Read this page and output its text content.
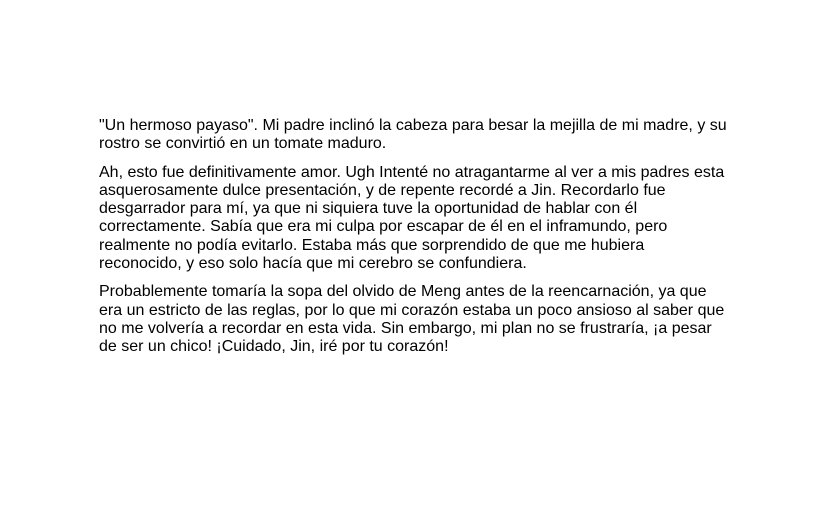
"Un hermoso payaso". Mi padre inclinó la cabeza para besar la mejilla de mi madre, y su
rostro se convirtió en un tomate maduro.

Ah, esto fue definitivamente amor. Ugh Intenté no atragantarme al ver a mis padres esta
asquerosamente dulce presentación, y de repente recordé a Jin. Recordarlo fue
desgarrador para mí, ya que ni siquiera tuve la oportunidad de hablar con él
correctamente. Sabía que era mi culpa por escapar de él en el inframundo, pero
realmente no podía evitarlo. Estaba más que sorprendido de que me hubiera
reconocido, y eso solo hacía que mi cerebro se confundiera.

Probablemente tomaría la sopa del olvido de Meng antes de la reencarnación, ya que
era un estricto de las reglas, por lo que mi corazón estaba un poco ansioso al saber que
no me volvería a recordar en esta vida. Sin embargo, mi plan no se frustraría, ¡a pesar
de ser un chico! ¡Cuidado, Jin, iré por tu corazón!
